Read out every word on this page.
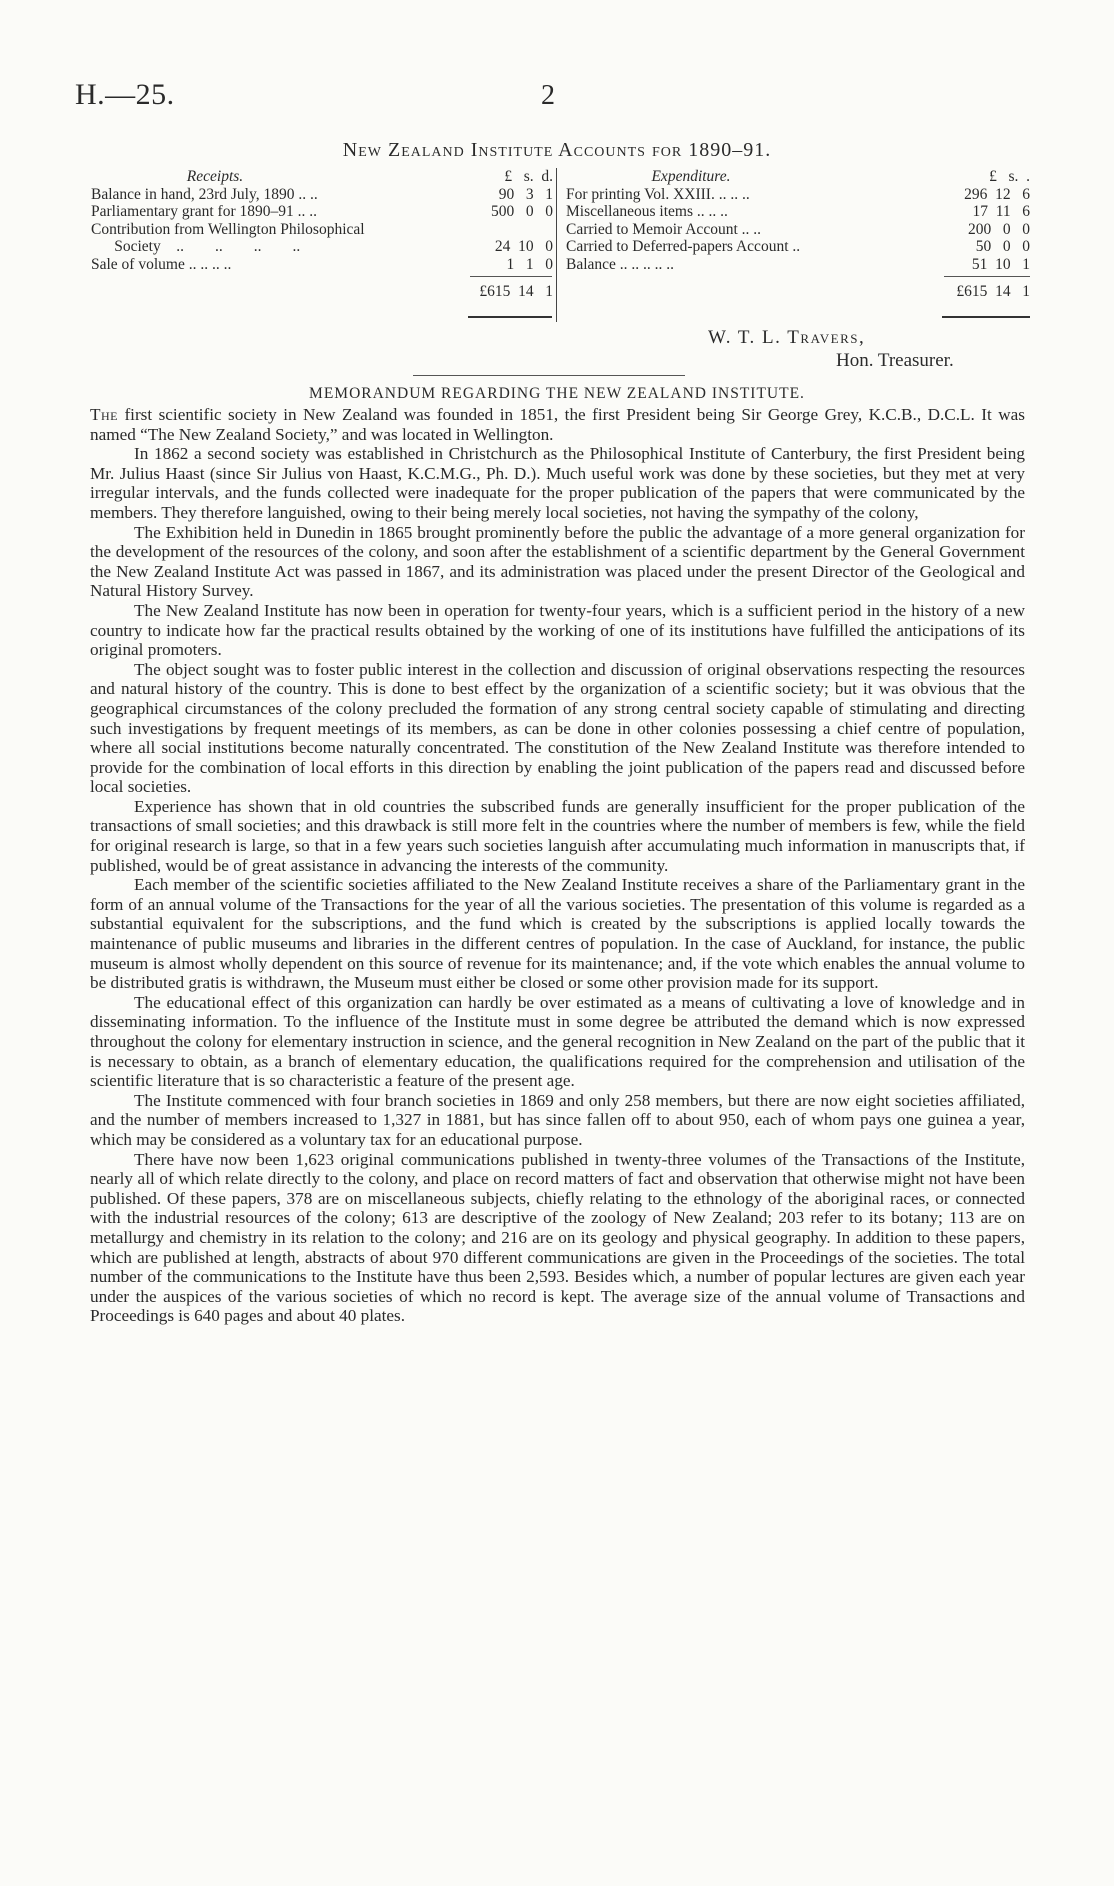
H.—25.	2
New Zealand Institute Accounts for 1890–91.
Receipts.	£   s.  d.
Balance in hand, 23rd July, 1890 .. ..	90   3   1
Parliamentary grant for 1890–91 .. ..	500   0   0
Contribution from Wellington Philosophical
Society    ..        ..        ..        ..	24  10   0
Sale of volume .. .. .. ..	1   1   0
£615  14   1
Expenditure.	£   s.  .
For printing Vol. XXIII. .. .. ..	296  12   6
Miscellaneous items .. .. ..	17  11   6
Carried to Memoir Account .. ..	200   0   0
Carried to Deferred-papers Account ..	50   0   0
Balance .. .. .. .. ..	51  10   1
£615  14   1
W. T. L. Travers,
Hon. Treasurer.
MEMORANDUM REGARDING THE NEW ZEALAND INSTITUTE.

The first scientific society in New Zealand was founded in 1851, the first President being Sir George Grey, K.C.B., D.C.L. It was named “The New Zealand Society,” and was located in Wellington.

In 1862 a second society was established in Christchurch as the Philosophical Institute of Canterbury, the first President being Mr. Julius Haast (since Sir Julius von Haast, K.C.M.G., Ph. D.). Much useful work was done by these societies, but they met at very irregular intervals, and the funds collected were inadequate for the proper publication of the papers that were communicated by the members. They therefore languished, owing to their being merely local societies, not having the sympathy of the colony,

The Exhibition held in Dunedin in 1865 brought prominently before the public the advantage of a more general organization for the development of the resources of the colony, and soon after the establishment of a scientific department by the General Government the New Zealand Institute Act was passed in 1867, and its administration was placed under the present Director of the Geological and Natural History Survey.

The New Zealand Institute has now been in operation for twenty-four years, which is a sufficient period in the history of a new country to indicate how far the practical results obtained by the working of one of its institutions have fulfilled the anticipations of its original promoters.

The object sought was to foster public interest in the collection and discussion of original observations respecting the resources and natural history of the country. This is done to best effect by the organization of a scientific society; but it was obvious that the geographical circumstances of the colony precluded the formation of any strong central society capable of stimulating and directing such investigations by frequent meetings of its members, as can be done in other colonies possessing a chief centre of population, where all social institutions become naturally concentrated. The constitution of the New Zealand Institute was therefore intended to provide for the combination of local efforts in this direction by enabling the joint publication of the papers read and discussed before local societies.

Experience has shown that in old countries the subscribed funds are generally insufficient for the proper publication of the transactions of small societies; and this drawback is still more felt in the countries where the number of members is few, while the field for original research is large, so that in a few years such societies languish after accumulating much information in manuscripts that, if published, would be of great assistance in advancing the interests of the community.

Each member of the scientific societies affiliated to the New Zealand Institute receives a share of the Parliamentary grant in the form of an annual volume of the Transactions for the year of all the various societies. The presentation of this volume is regarded as a substantial equivalent for the subscriptions, and the fund which is created by the subscriptions is applied locally towards the maintenance of public museums and libraries in the different centres of population. In the case of Auckland, for instance, the public museum is almost wholly dependent on this source of revenue for its maintenance; and, if the vote which enables the annual volume to be distributed gratis is withdrawn, the Museum must either be closed or some other provision made for its support.

The educational effect of this organization can hardly be over estimated as a means of cultivating a love of knowledge and in disseminating information. To the influence of the Institute must in some degree be attributed the demand which is now expressed throughout the colony for elementary instruction in science, and the general recognition in New Zealand on the part of the public that it is necessary to obtain, as a branch of elementary education, the qualifications required for the comprehension and utilisation of the scientific literature that is so characteristic a feature of the present age.

The Institute commenced with four branch societies in 1869 and only 258 members, but there are now eight societies affiliated, and the number of members increased to 1,327 in 1881, but has since fallen off to about 950, each of whom pays one guinea a year, which may be considered as a voluntary tax for an educational purpose.

There have now been 1,623 original communications published in twenty-three volumes of the Transactions of the Institute, nearly all of which relate directly to the colony, and place on record matters of fact and observation that otherwise might not have been published. Of these papers, 378 are on miscellaneous subjects, chiefly relating to the ethnology of the aboriginal races, or connected with the industrial resources of the colony; 613 are descriptive of the zoology of New Zealand; 203 refer to its botany; 113 are on metallurgy and chemistry in its relation to the colony; and 216 are on its geology and physical geography. In addition to these papers, which are published at length, abstracts of about 970 different communications are given in the Proceedings of the societies. The total number of the communications to the Institute have thus been 2,593. Besides which, a number of popular lectures are given each year under the auspices of the various societies of which no record is kept. The average size of the annual volume of Transactions and Proceedings is 640 pages and about 40 plates.
